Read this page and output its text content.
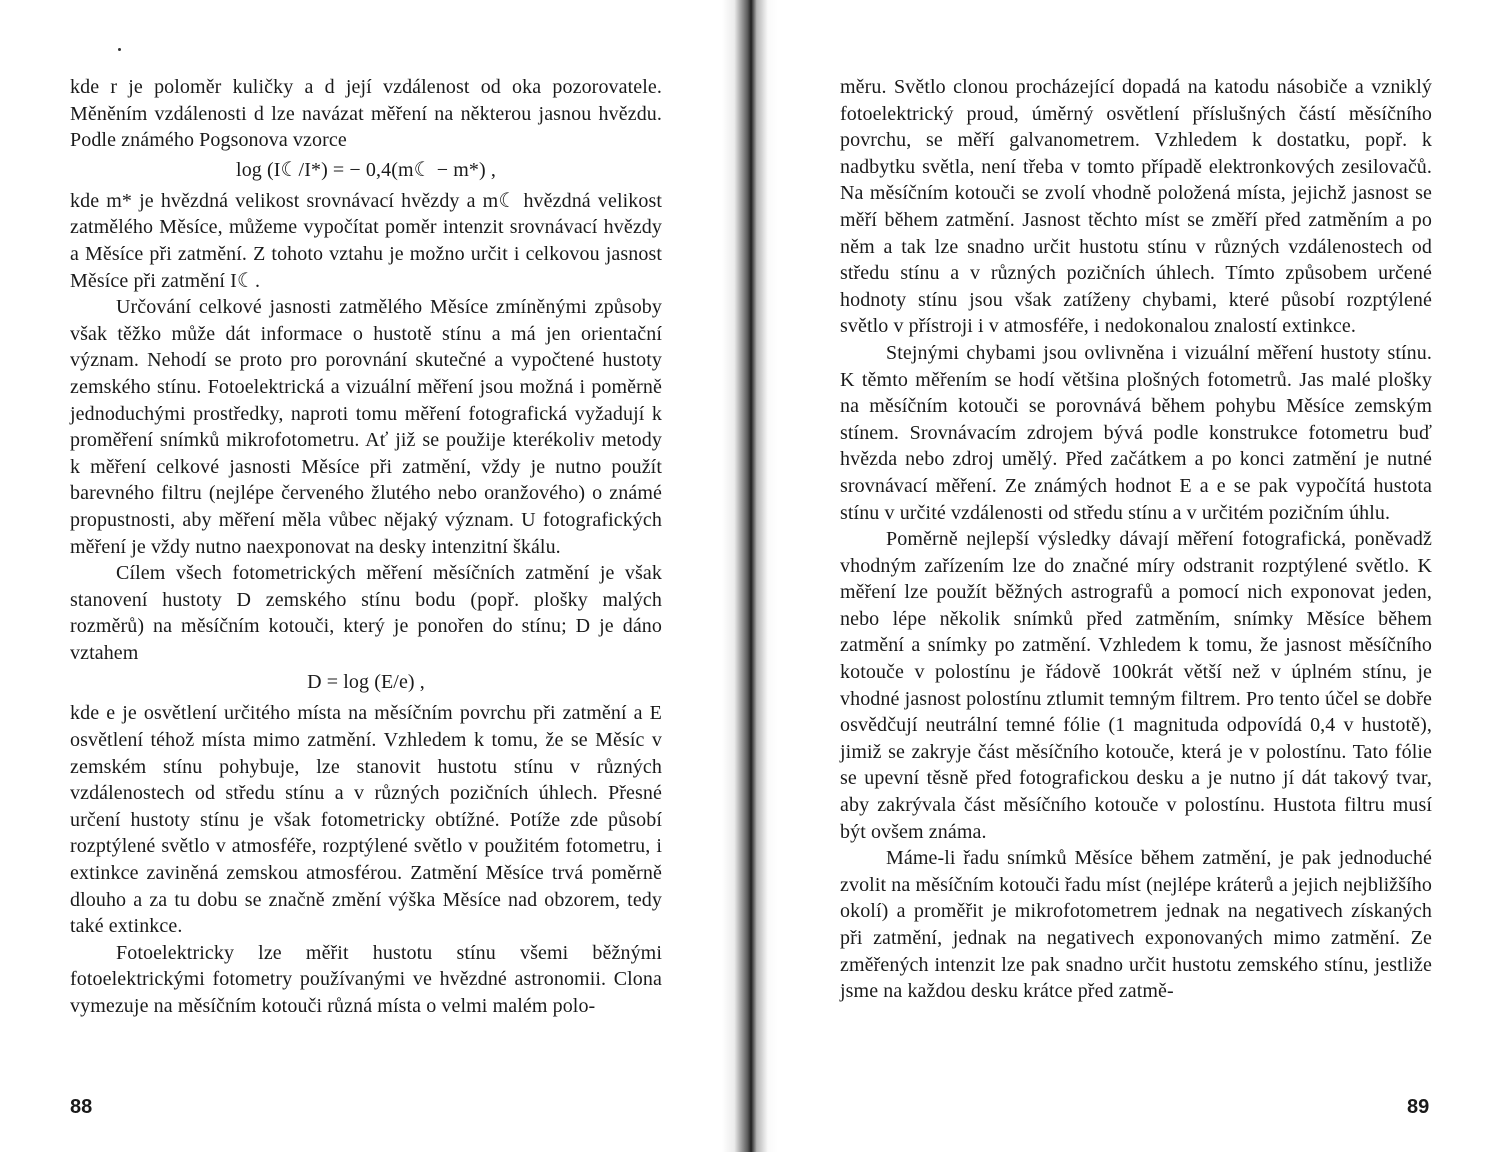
kde r je poloměr kuličky a d její vzdálenost od oka pozorovatele. Měněním vzdálenosti d lze navázat měření na některou jasnou hvězdu. Podle známého Pogsonova vzorce

log (I☾/I*) = − 0,4(m☾ − m*) ,

kde m* je hvězdná velikost srovnávací hvězdy a m☾ hvězdná velikost zatmělého Měsíce, můžeme vypočítat poměr intenzit srovnávací hvězdy a Měsíce při zatmění. Z tohoto vztahu je možno určit i celkovou jasnost Měsíce při zatmění I☾.

Určování celkové jasnosti zatmělého Měsíce zmíněnými způsoby však těžko může dát informace o hustotě stínu a má jen orientační význam. Nehodí se proto pro porovnání skutečné a vypočtené hustoty zemského stínu. Fotoelektrická a vizuální měření jsou možná i poměrně jednoduchými prostředky, naproti tomu měření fotografická vyžadují k proměření snímků mikrofotometru. Ať již se použije kterékoliv metody k měření celkové jasnosti Měsíce při zatmění, vždy je nutno použít barevného filtru (nejlépe červeného žlutého nebo oranžového) o známé propustnosti, aby měření měla vůbec nějaký význam. U fotografických měření je vždy nutno naexponovat na desky intenzitní škálu.

Cílem všech fotometrických měření měsíčních zatmění je však stanovení hustoty D zemského stínu bodu (popř. plošky malých rozměrů) na měsíčním kotouči, který je ponořen do stínu; D je dáno vztahem

D = log (E/e) ,

kde e je osvětlení určitého místa na měsíčním povrchu při zatmění a E osvětlení téhož místa mimo zatmění. Vzhledem k tomu, že se Měsíc v zemském stínu pohybuje, lze stanovit hustotu stínu v různých vzdálenostech od středu stínu a v různých pozičních úhlech. Přesné určení hustoty stínu je však fotometricky obtížné. Potíže zde působí rozptýlené světlo v atmosféře, rozptýlené světlo v použitém fotometru, i extinkce zaviněná zemskou atmosférou. Zatmění Měsíce trvá poměrně dlouho a za tu dobu se značně změní výška Měsíce nad obzorem, tedy také extinkce.

Fotoelektricky lze měřit hustotu stínu všemi běžnými fotoelektrickými fotometry používanými ve hvězdné astronomii. Clona vymezuje na měsíčním kotouči různá místa o velmi malém polo-

88

měru. Světlo clonou procházející dopadá na katodu násobiče a vzniklý fotoelektrický proud, úměrný osvětlení příslušných částí měsíčního povrchu, se měří galvanometrem. Vzhledem k dostatku, popř. k nadbytku světla, není třeba v tomto případě elektronkových zesilovačů. Na měsíčním kotouči se zvolí vhodně položená místa, jejichž jasnost se měří během zatmění. Jasnost těchto míst se změří před zatměním a po něm a tak lze snadno určit hustotu stínu v různých vzdálenostech od středu stínu a v různých pozičních úhlech. Tímto způsobem určené hodnoty stínu jsou však zatíženy chybami, které působí rozptýlené světlo v přístroji i v atmosféře, i nedokonalou znalostí extinkce.

Stejnými chybami jsou ovlivněna i vizuální měření hustoty stínu. K těmto měřením se hodí většina plošných fotometrů. Jas malé plošky na měsíčním kotouči se porovnává během pohybu Měsíce zemským stínem. Srovnávacím zdrojem bývá podle konstrukce fotometru buď hvězda nebo zdroj umělý. Před začátkem a po konci zatmění je nutné srovnávací měření. Ze známých hodnot E a e se pak vypočítá hustota stínu v určité vzdálenosti od středu stínu a v určitém pozičním úhlu.

Poměrně nejlepší výsledky dávají měření fotografická, poněvadž vhodným zařízením lze do značné míry odstranit rozptýlené světlo. K měření lze použít běžných astrografů a pomocí nich exponovat jeden, nebo lépe několik snímků před zatměním, snímky Měsíce během zatmění a snímky po zatmění. Vzhledem k tomu, že jasnost měsíčního kotouče v polostínu je řádově 100krát větší než v úplném stínu, je vhodné jasnost polostínu ztlumit temným filtrem. Pro tento účel se dobře osvědčují neutrální temné fólie (1 magnituda odpovídá 0,4 v hustotě), jimiž se zakryje část měsíčního kotouče, která je v polostínu. Tato fólie se upevní těsně před fotografickou desku a je nutno jí dát takový tvar, aby zakrývala část měsíčního kotouče v polostínu. Hustota filtru musí být ovšem známa.

Máme-li řadu snímků Měsíce během zatmění, je pak jednoduché zvolit na měsíčním kotouči řadu míst (nejlépe kráterů a jejich nejbližšího okolí) a proměřit je mikrofotometrem jednak na negativech získaných při zatmění, jednak na negativech exponovaných mimo zatmění. Ze změřených intenzit lze pak snadno určit hustotu zemského stínu, jestliže jsme na každou desku krátce před zatmě-

89
